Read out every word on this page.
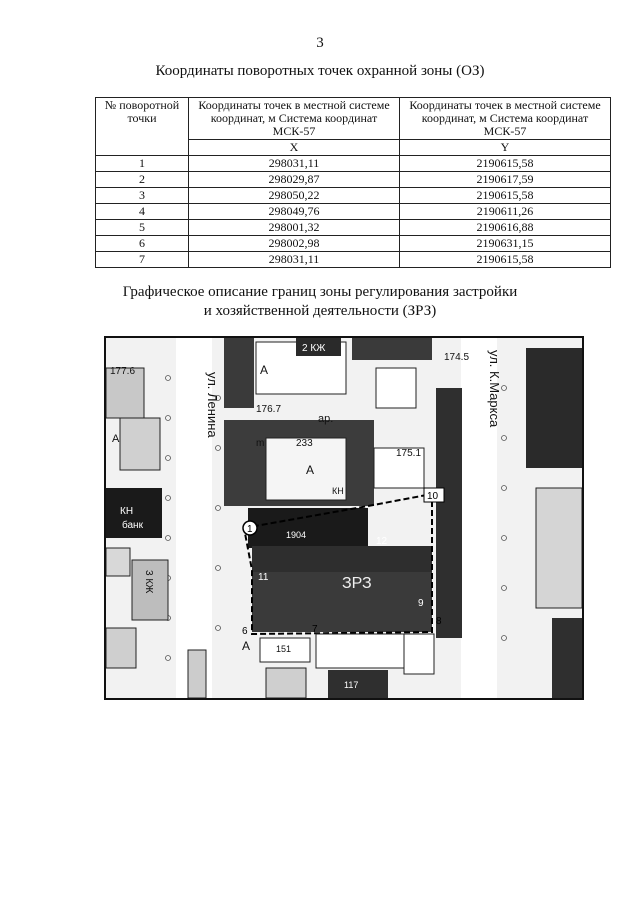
3
Координаты поворотных точек охранной зоны (ОЗ)
№ поворотной точки	Координаты точек в местной системе координат, м Система координат МСК-57	Координаты точек в местной системе координат, м Система координат МСК-57
	X	Y
1	298031,11	2190615,58
2	298029,87	2190617,59
3	298050,22	2190615,58
4	298049,76	2190611,26
5	298001,32	2190616,88
6	298002,98	2190631,15
7	298031,11	2190615,58
Графическое описание границ зоны регулирования застройки
и хозяйственной деятельности (ЗРЗ)
ул. Ленина	ул. К.Маркса
ЗРЗ
233
ар.
176.7
174.5
175.1
177.6
1904
КН
КН
А
А
А
А
m
банк
2 КЖ
3 КЖ
117
151
1
6	7
8
9
10
11
12
